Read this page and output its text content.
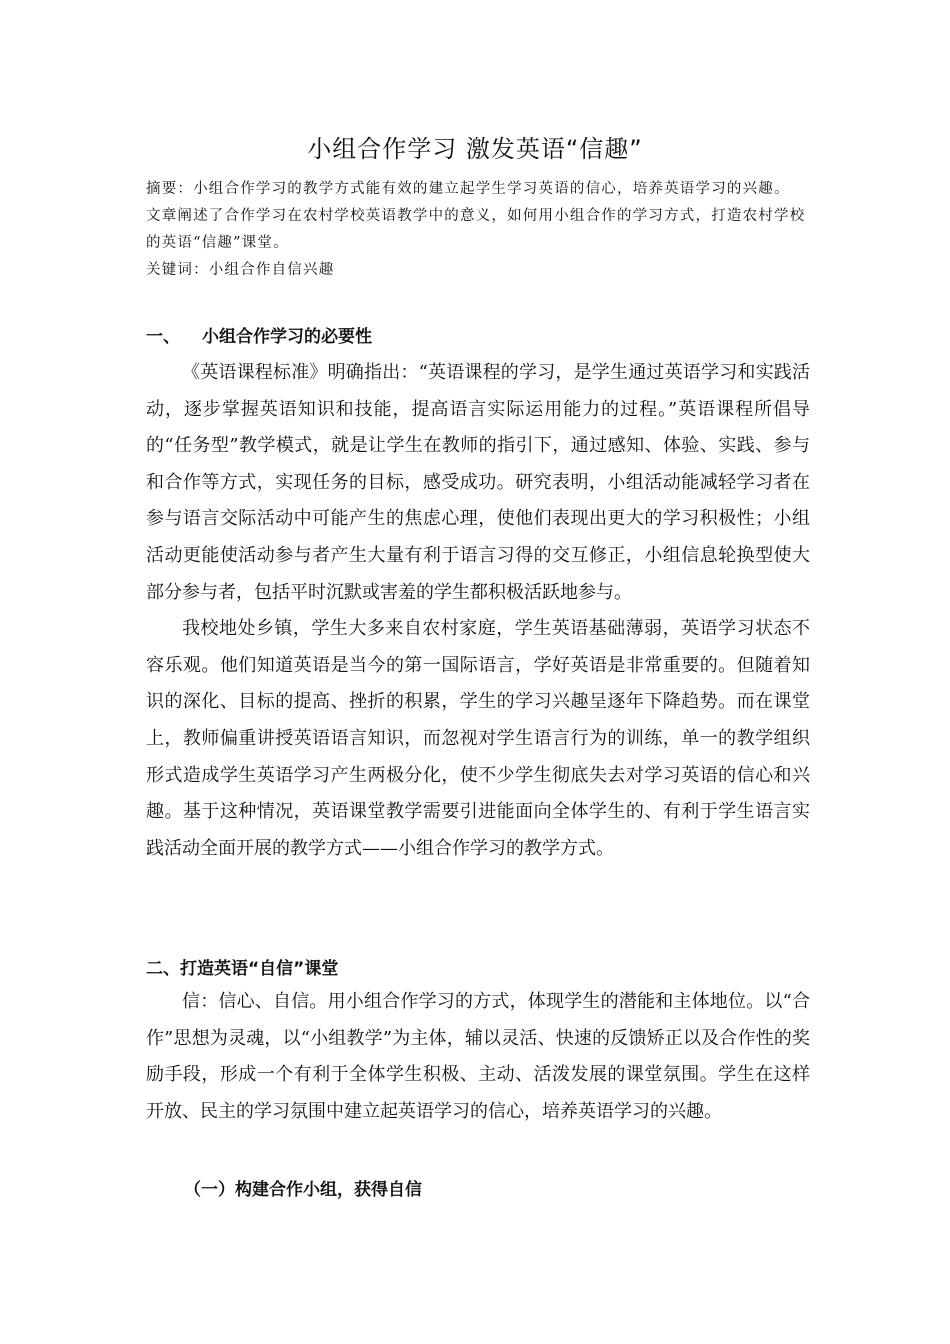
小组合作学习 激发英语“信趣”

摘要：小组合作学习的教学方式能有效的建立起学生学习英语的信心，培养英语学习的兴趣。

文章阐述了合作学习在农村学校英语教学中的意义，如何用小组合作的学习方式，打造农村学校的英语“信趣”课堂。

关键词：小组合作自信兴趣

一、 小组合作学习的必要性

《英语课程标准》明确指出：“英语课程的学习，是学生通过英语学习和实践活动，逐步掌握英语知识和技能，提高语言实际运用能力的过程。”英语课程所倡导的“任务型”教学模式，就是让学生在教师的指引下，通过感知、体验、实践、参与和合作等方式，实现任务的目标，感受成功。研究表明，小组活动能减轻学习者在参与语言交际活动中可能产生的焦虑心理，使他们表现出更大的学习积极性；小组活动更能使活动参与者产生大量有利于语言习得的交互修正，小组信息轮换型使大部分参与者，包括平时沉默或害羞的学生都积极活跃地参与。

我校地处乡镇，学生大多来自农村家庭，学生英语基础薄弱，英语学习状态不容乐观。他们知道英语是当今的第一国际语言，学好英语是非常重要的。但随着知识的深化、目标的提高、挫折的积累，学生的学习兴趣呈逐年下降趋势。而在课堂上，教师偏重讲授英语语言知识，而忽视对学生语言行为的训练，单一的教学组织形式造成学生英语学习产生两极分化，使不少学生彻底失去对学习英语的信心和兴趣。基于这种情况，英语课堂教学需要引进能面向全体学生的、有利于学生语言实践活动全面开展的教学方式——小组合作学习的教学方式。

二、打造英语“自信”课堂

信：信心、自信。用小组合作学习的方式，体现学生的潜能和主体地位。以“合作”思想为灵魂，以“小组教学”为主体，辅以灵活、快速的反馈矫正以及合作性的奖励手段，形成一个有利于全体学生积极、主动、活泼发展的课堂氛围。学生在这样开放、民主的学习氛围中建立起英语学习的信心，培养英语学习的兴趣。

（一）构建合作小组，获得自信
